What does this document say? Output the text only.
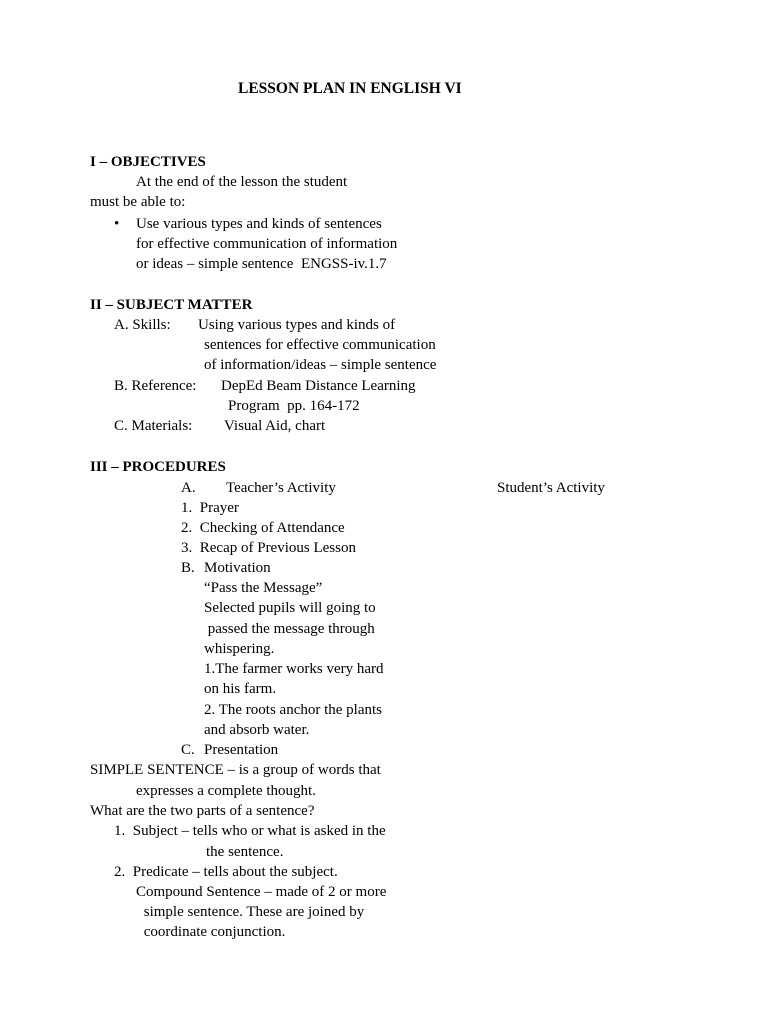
LESSON PLAN IN ENGLISH VI
I – OBJECTIVES
At the end of the lesson the student
must be able to:
• Use various types and kinds of sentences
for effective communication of information
or ideas – simple sentence  ENGSS-iv.1.7
II – SUBJECT MATTER
A. Skills: Using various types and kinds of
sentences for effective communication
of information/ideas – simple sentence
B. Reference: DepEd Beam Distance Learning
Program  pp. 164-172
C. Materials: Visual Aid, chart
III – PROCEDURES
A. Teacher’s Activity	Student’s Activity
1.  Prayer
2.  Checking of Attendance
3.  Recap of Previous Lesson
B. Motivation
“Pass the Message”
Selected pupils will going to
passed the message through
whispering.
1.The farmer works very hard
on his farm.
2. The roots anchor the plants
and absorb water.
C. Presentation
SIMPLE SENTENCE – is a group of words that
expresses a complete thought.
What are the two parts of a sentence?
1.  Subject – tells who or what is asked in the
the sentence.
2.  Predicate – tells about the subject.
Compound Sentence – made of 2 or more
simple sentence. These are joined by
coordinate conjunction.
